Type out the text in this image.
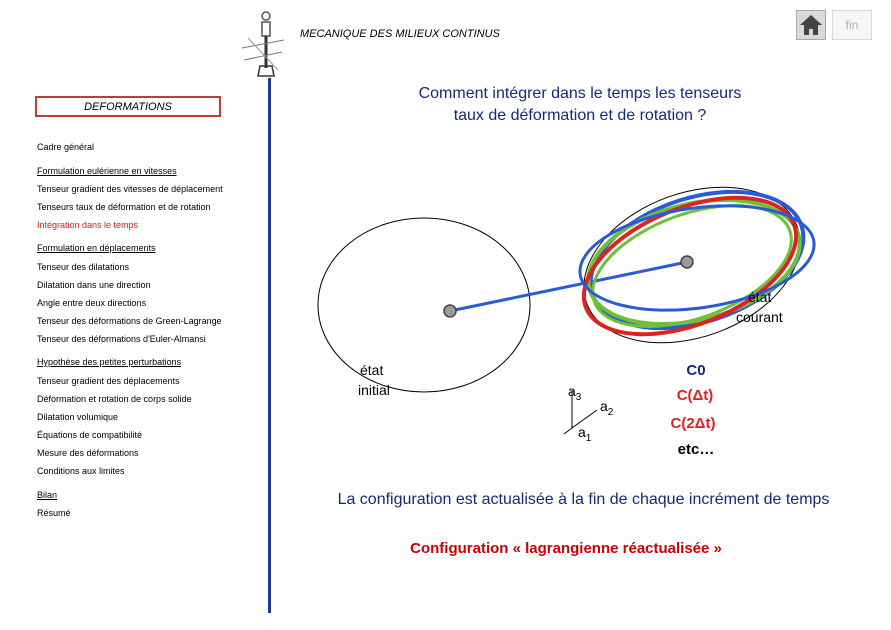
MECANIQUE DES MILIEUX CONTINUS
fin
DEFORMATIONS
Cadre général
Formulation eulérienne en vitesses
Tenseur gradient des vitesses de déplacement
Tenseurs taux de déformation et de rotation
Intégration dans le temps
Formulation en déplacements
Tenseur des dilatations
Dilatation dans une direction
Angle entre deux directions
Tenseur des déformations de Green-Lagrange
Tenseur des déformations d'Euler-Almansi
Hypothèse des petites perturbations
Tenseur gradient des déplacements
Déformation et rotation de corps solide
Dilatation volumique
Équations de compatibilité
Mesure des déformations
Conditions aux limites
Bilan
Résumé
Comment intégrer dans le temps les tenseurs
taux de déformation et de rotation ?
état
courant
état
initial	$a_3$
$a_2$
$a_1$
C0
C(Δt)
C(2Δt)
etc…
La configuration est actualisée à la fin de chaque incrément de temps
Configuration « lagrangienne réactualisée »
